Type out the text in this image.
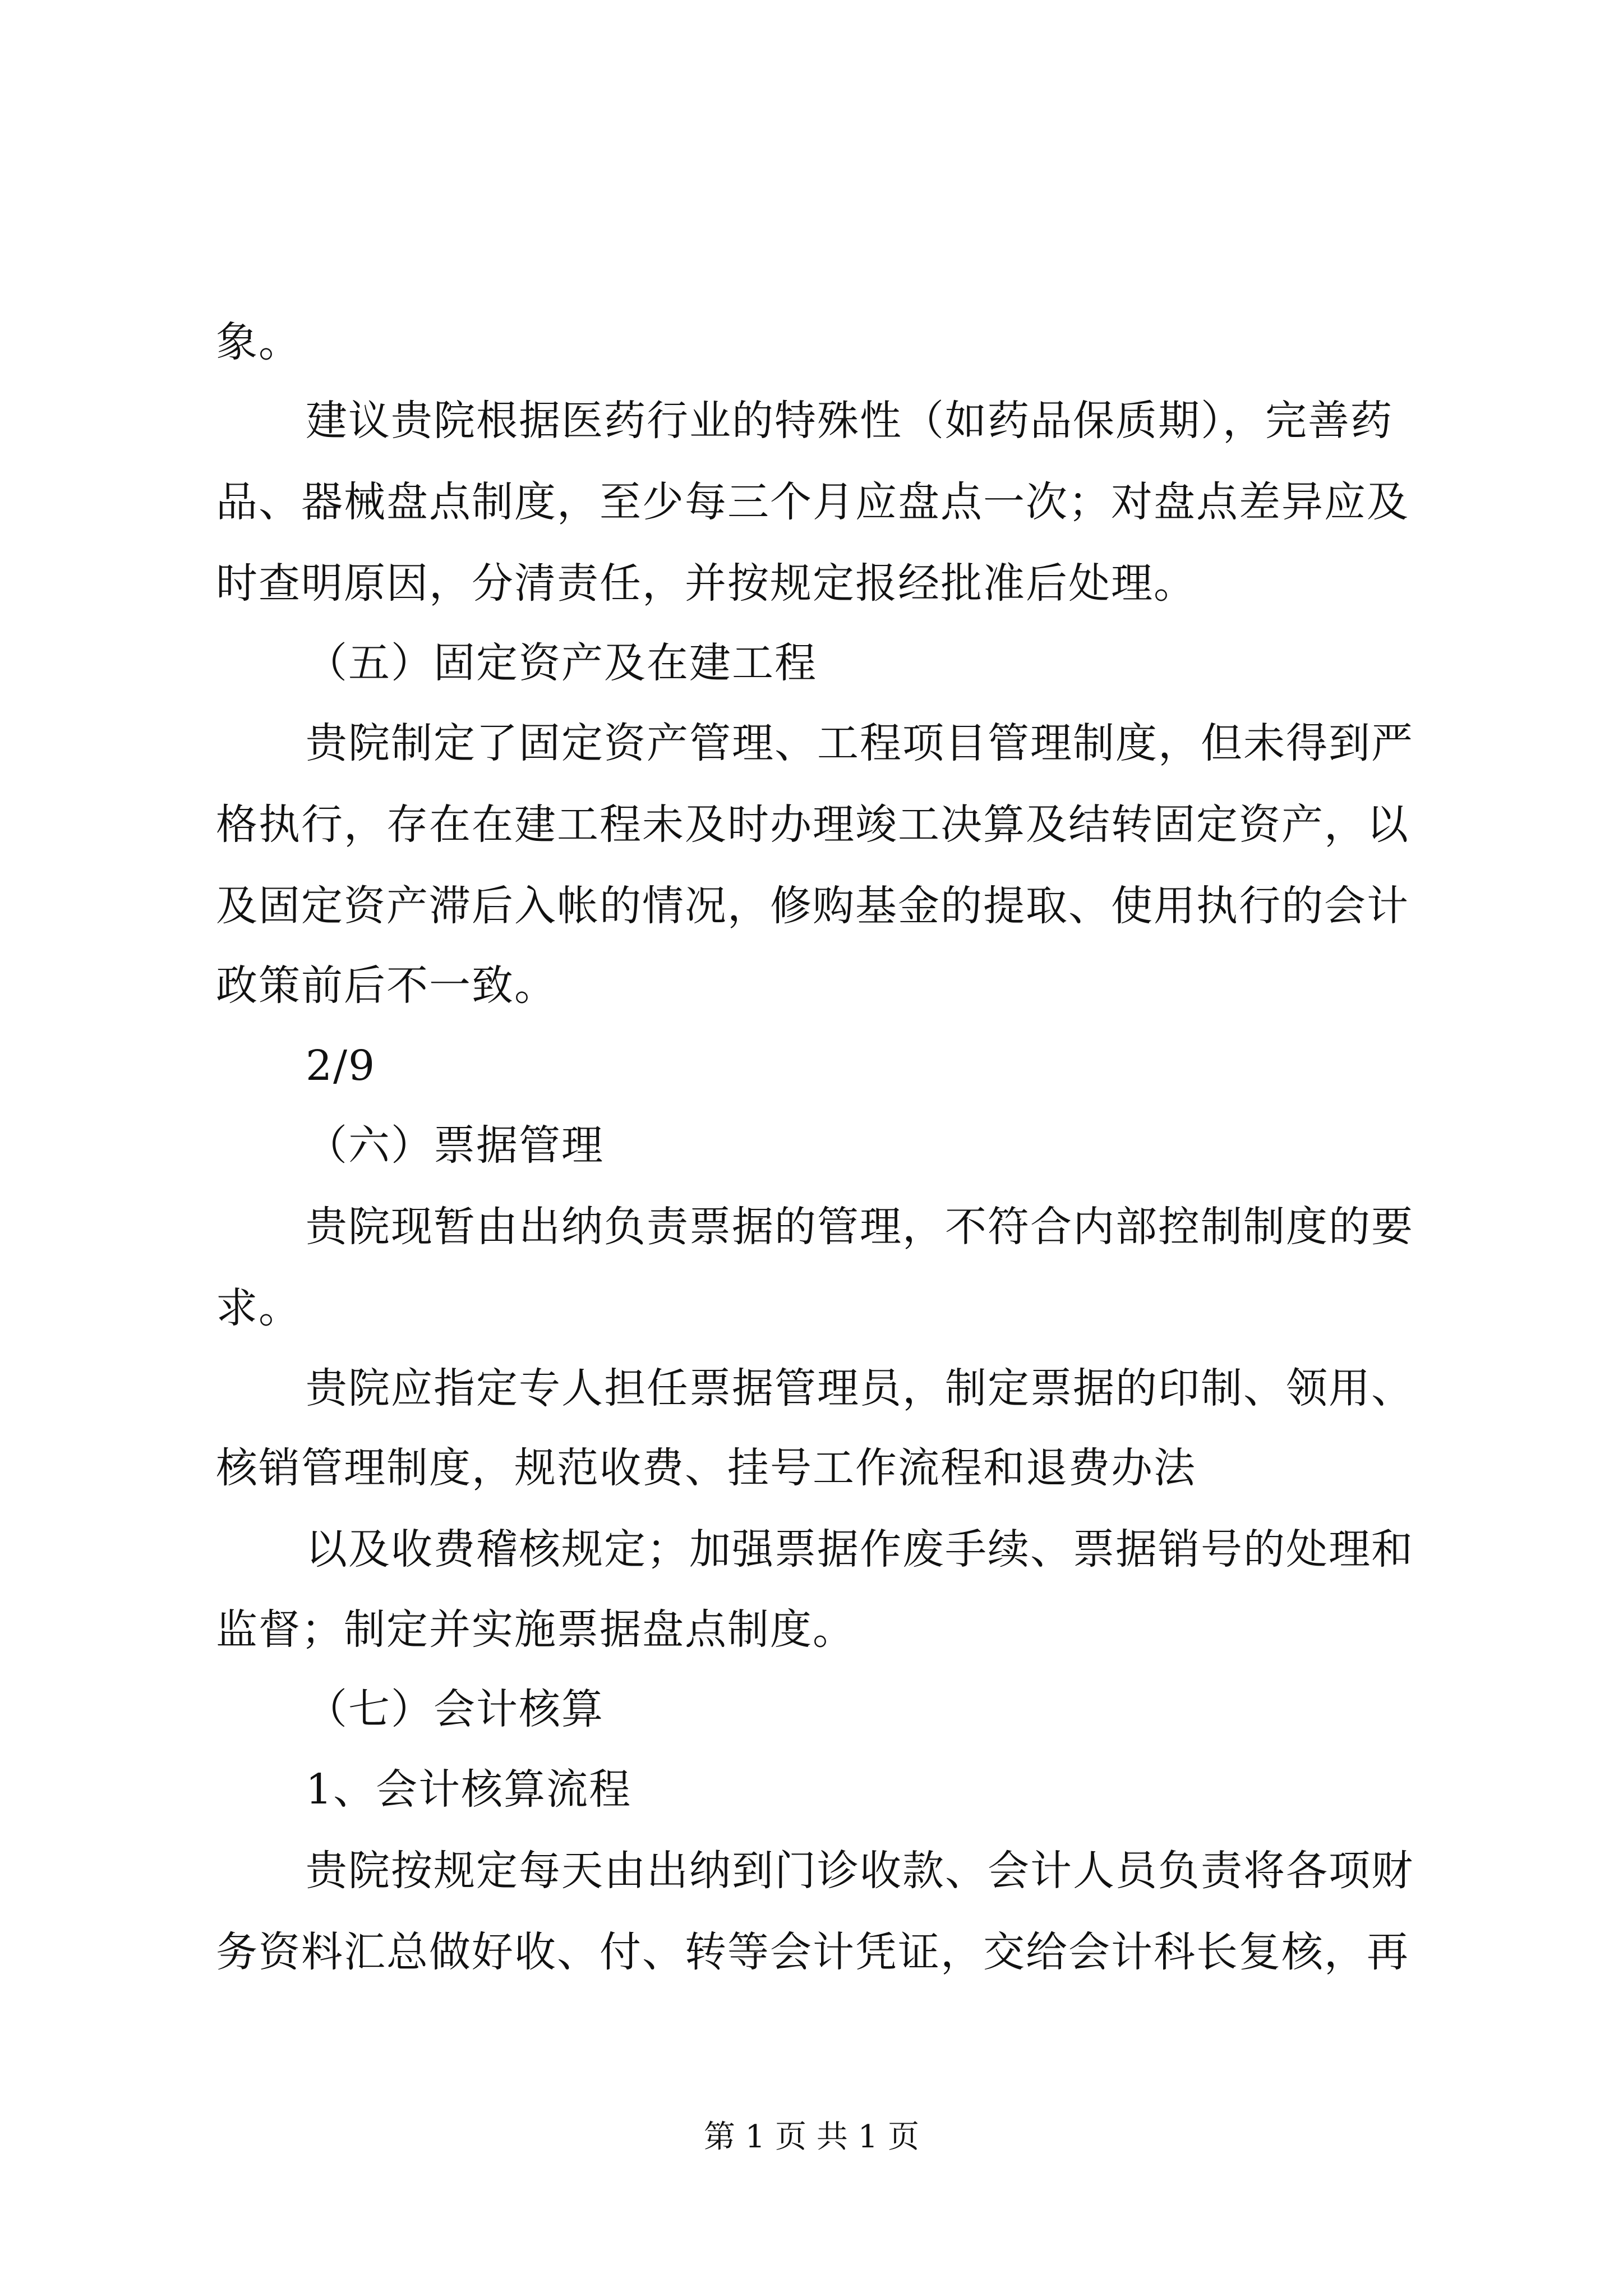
象。
建议贵院根据医药行业的特殊性（如药品保质期），完善药
品、器械盘点制度，至少每三个月应盘点一次；对盘点差异应及
时查明原因，分清责任，并按规定报经批准后处理。
（五）固定资产及在建工程
贵院制定了固定资产管理、工程项目管理制度，但未得到严
格执行，存在在建工程未及时办理竣工决算及结转固定资产，以
及固定资产滞后入帐的情况，修购基金的提取、使用执行的会计
政策前后不一致。
2/9
（六）票据管理
贵院现暂由出纳负责票据的管理，不符合内部控制制度的要
求。
贵院应指定专人担任票据管理员，制定票据的印制、领用、
核销管理制度，规范收费、挂号工作流程和退费办法
以及收费稽核规定；加强票据作废手续、票据销号的处理和
监督；制定并实施票据盘点制度。
（七）会计核算
1、会计核算流程
贵院按规定每天由出纳到门诊收款、会计人员负责将各项财
务资料汇总做好收、付、转等会计凭证，交给会计科长复核，再
第 1 页 共 1 页
